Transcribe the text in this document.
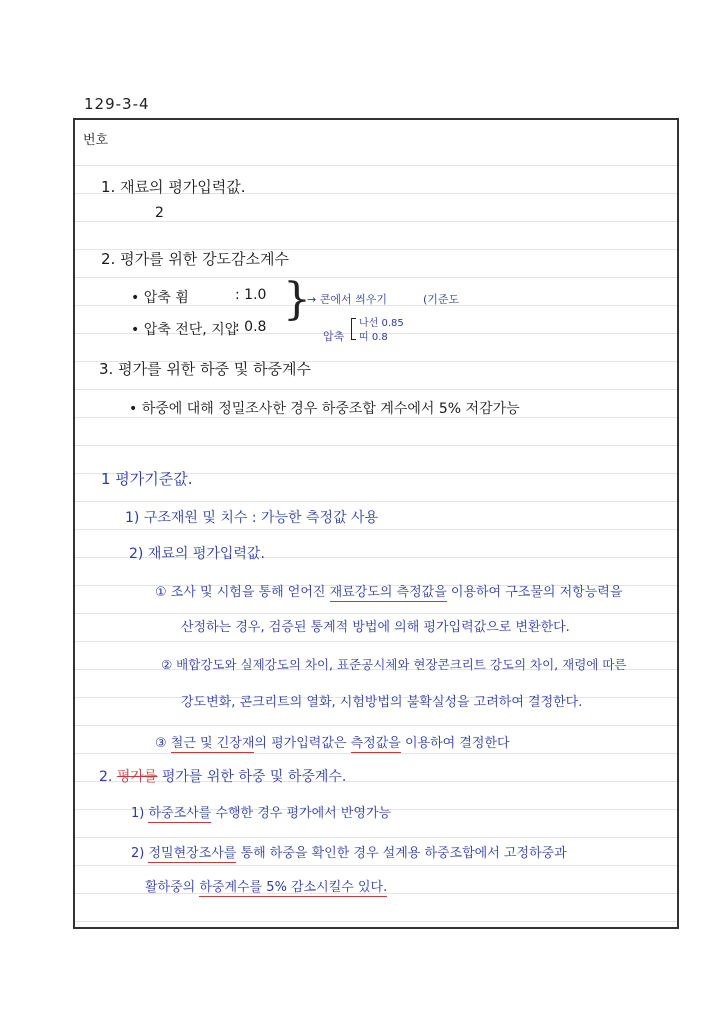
129-3-4
번호
1. 재료의 평가입력값.
2
2. 평가를 위한 강도감소계수
• 압축 휨	: 1.0
• 압축 전단, 지압
: 0.8
}
→ 콘에서 씌우기	(기준도
압축
나선 0.85
띠 0.8
3. 평가를 위한 하중 및 하중계수
• 하중에 대해 정밀조사한 경우 하중조합 계수에서 5% 저감가능
1 평가기준값.
1) 구조재원 및 치수 : 가능한 측정값 사용
2) 재료의 평가입력값.
① 조사 및 시험을 통해 얻어진 재료강도의 측정값을 이용하여 구조물의 저항능력을
산정하는 경우, 검증된 통계적 방법에 의해 평가입력값으로 변환한다.
② 배합강도와 실제강도의 차이, 표준공시체와 현장콘크리트 강도의 차이, 재령에 따른
강도변화, 콘크리트의 열화, 시험방법의 불확실성을 고려하여 결정한다.
③ 철근 및 긴장재의 평가입력값은 측정값을 이용하여 결정한다
2. 평가를 평가를 위한 하중 및 하중계수.
1) 하중조사를 수행한 경우 평가에서 반영가능
2) 정밀현장조사를 통해 하중을 확인한 경우 설계용 하중조합에서 고정하중과
활하중의 하중계수를 5% 감소시킬수 있다.
